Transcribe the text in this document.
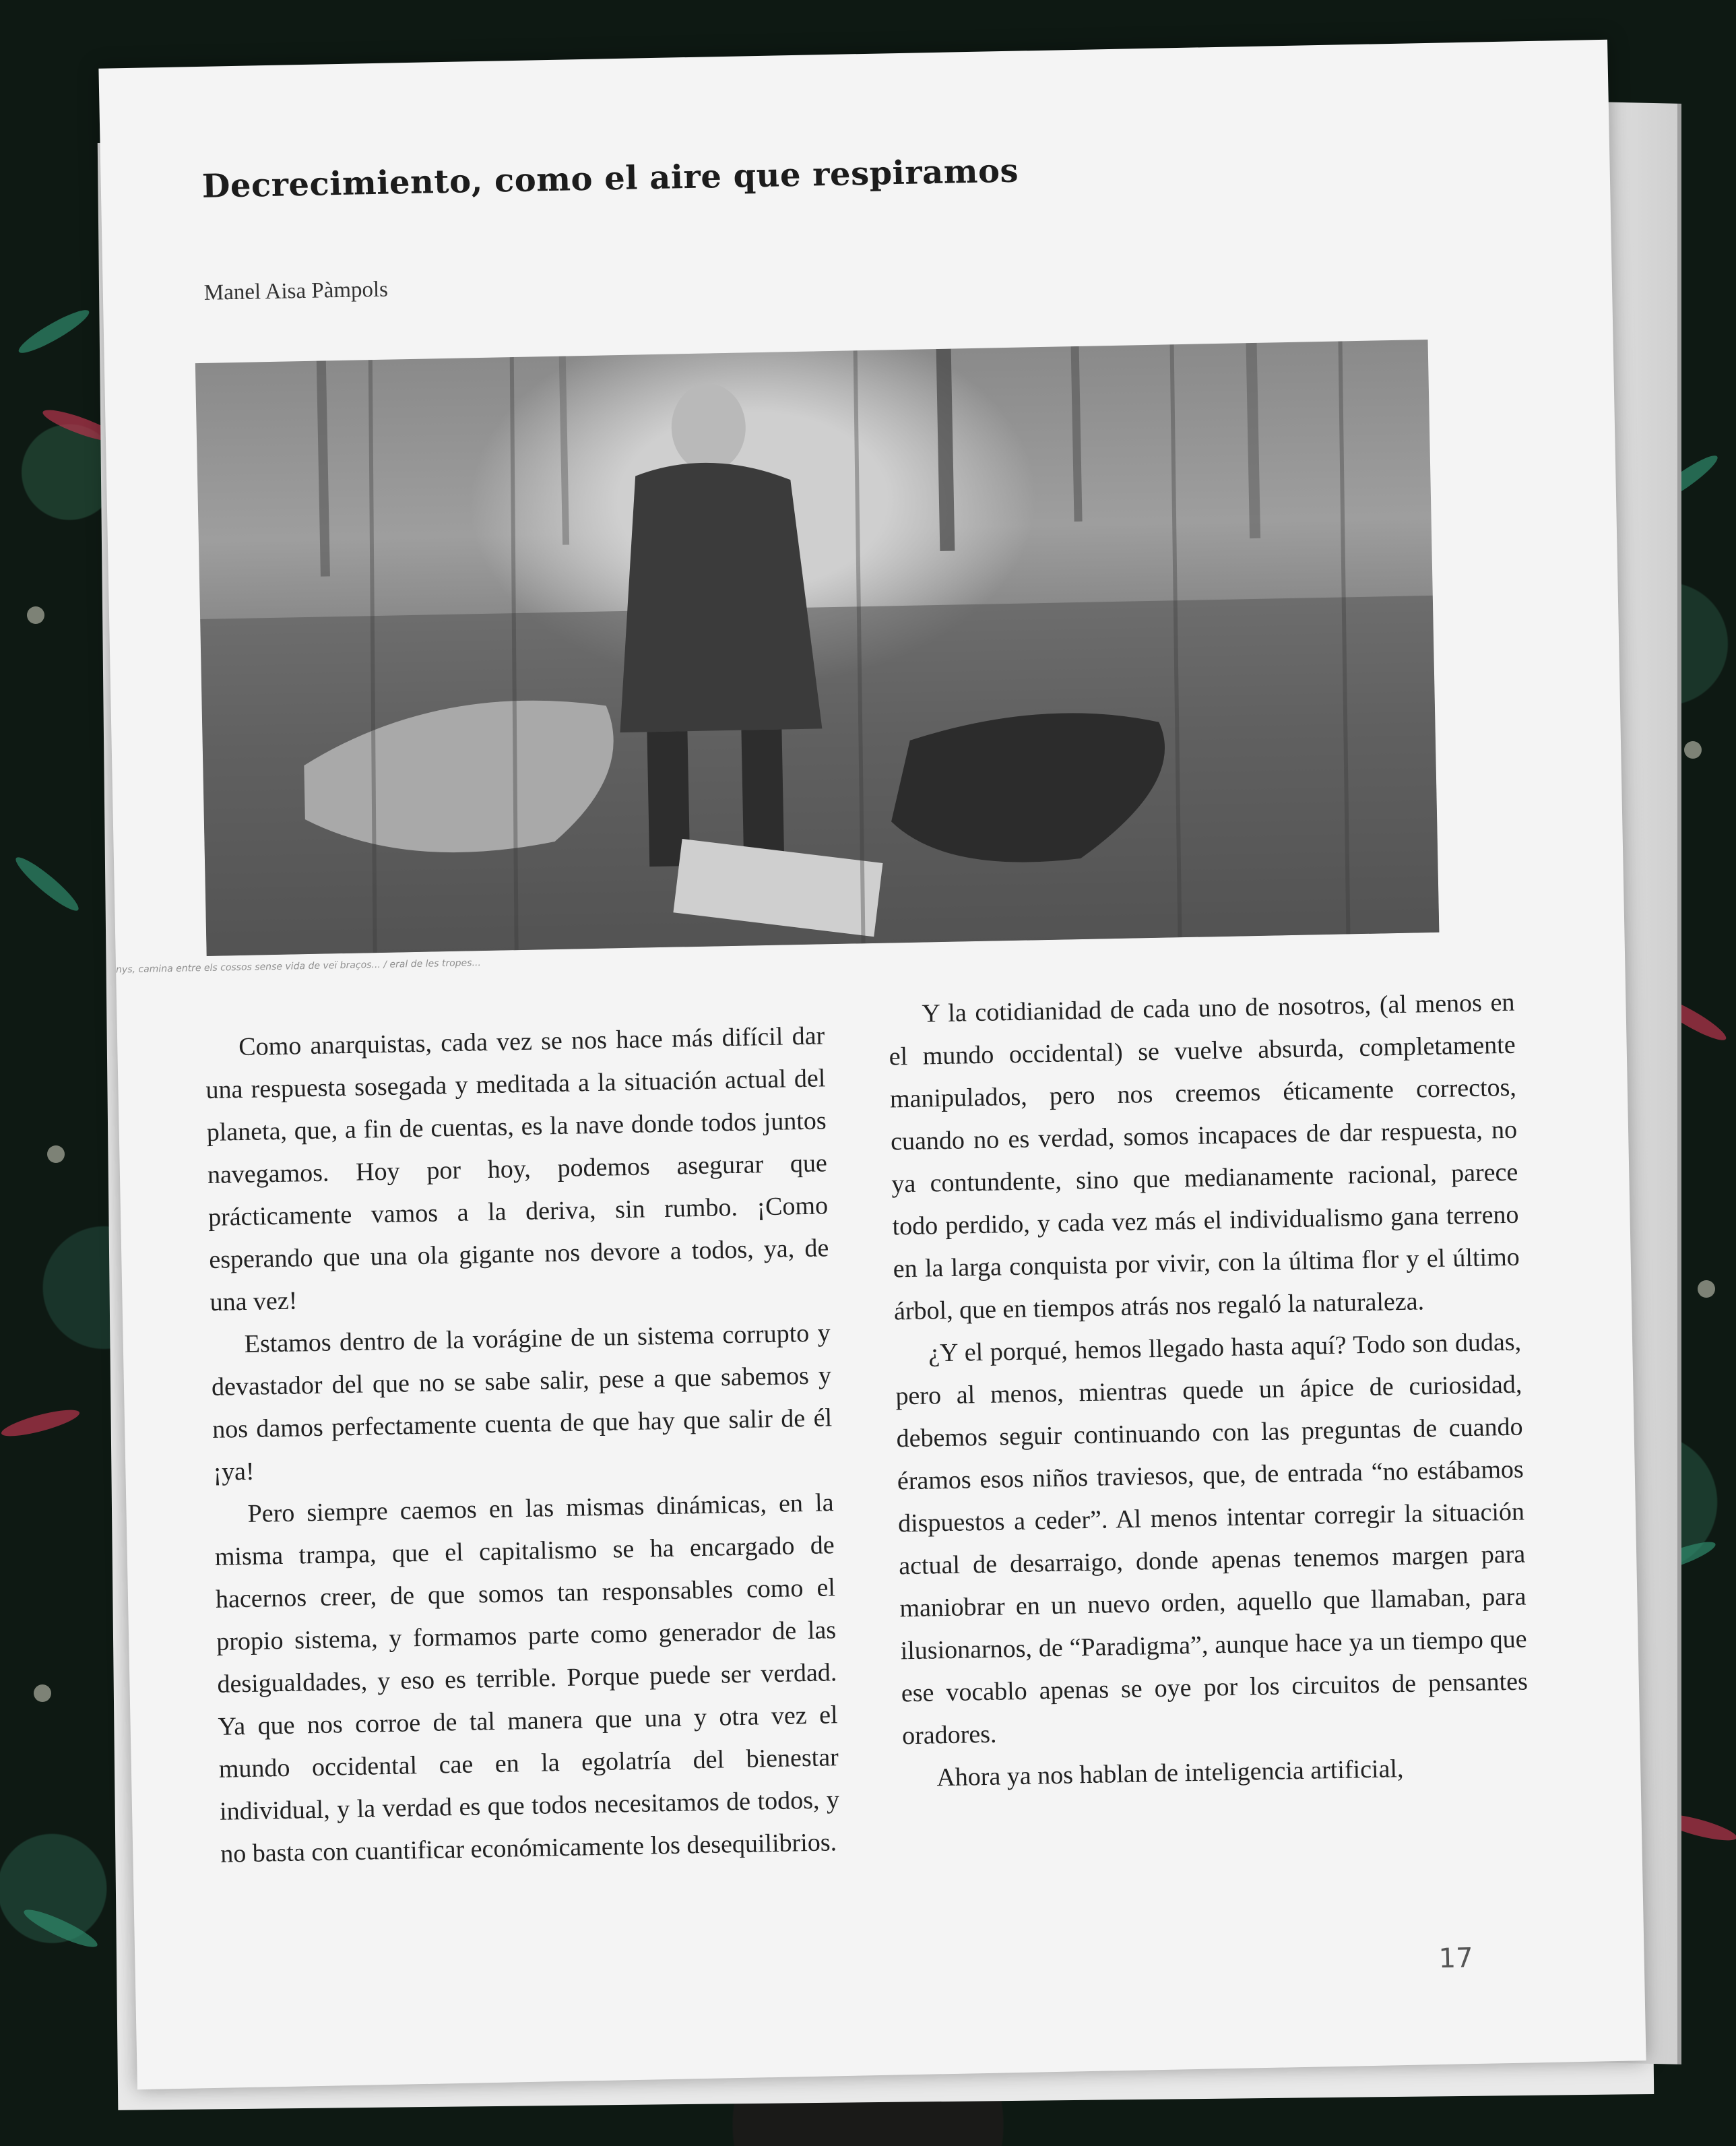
Decrecimiento, como el aire que respiramos
Manel Aisa Pàmpols
nys, camina entre els cossos sense vida de veï braços... / eral de les tropes...

Como anarquistas, cada vez se nos hace más difícil dar una respuesta sosegada y meditada a la situación actual del planeta, que, a fin de cuentas, es la nave donde todos juntos navegamos. Hoy por hoy, podemos asegurar que prácticamente vamos a la deriva, sin rumbo. ¡Como esperando que una ola gigante nos devore a todos, ya, de una vez!

Estamos dentro de la vorágine de un sistema corrupto y devastador del que no se sabe salir, pese a que sabemos y nos damos perfectamente cuenta de que hay que salir de él ¡ya!

Pero siempre caemos en las mismas dinámicas, en la misma trampa, que el capitalismo se ha encargado de hacernos creer, de que somos tan responsables como el propio sistema, y formamos parte como generador de las desigualdades, y eso es terrible. Porque puede ser verdad. Ya que nos corroe de tal manera que una y otra vez el mundo occidental cae en la egolatría del bienestar individual, y la verdad es que todos necesitamos de todos, y no basta con cuantificar económicamente los desequilibrios.

Y la cotidianidad de cada uno de nosotros, (al menos en el mundo occidental) se vuelve absurda, completamente manipulados, pero nos creemos éticamente correctos, cuando no es verdad, somos incapaces de dar respuesta, no ya contundente, sino que medianamente racional, parece todo perdido, y cada vez más el individualismo gana terreno en la larga conquista por vivir, con la última flor y el último árbol, que en tiempos atrás nos regaló la naturaleza.

¿Y el porqué, hemos llegado hasta aquí? Todo son dudas, pero al menos, mientras quede un ápice de curiosidad, debemos seguir continuando con las preguntas de cuando éramos esos niños traviesos, que, de entrada “no estábamos dispuestos a ceder”. Al menos intentar corregir la situación actual de desarraigo, donde apenas tenemos margen para maniobrar en un nuevo orden, aquello que llamaban, para ilusionarnos, de “Paradigma”, aunque hace ya un tiempo que ese vocablo apenas se oye por los circuitos de pensantes oradores.

Ahora ya nos hablan de inteligencia artificial,

17
